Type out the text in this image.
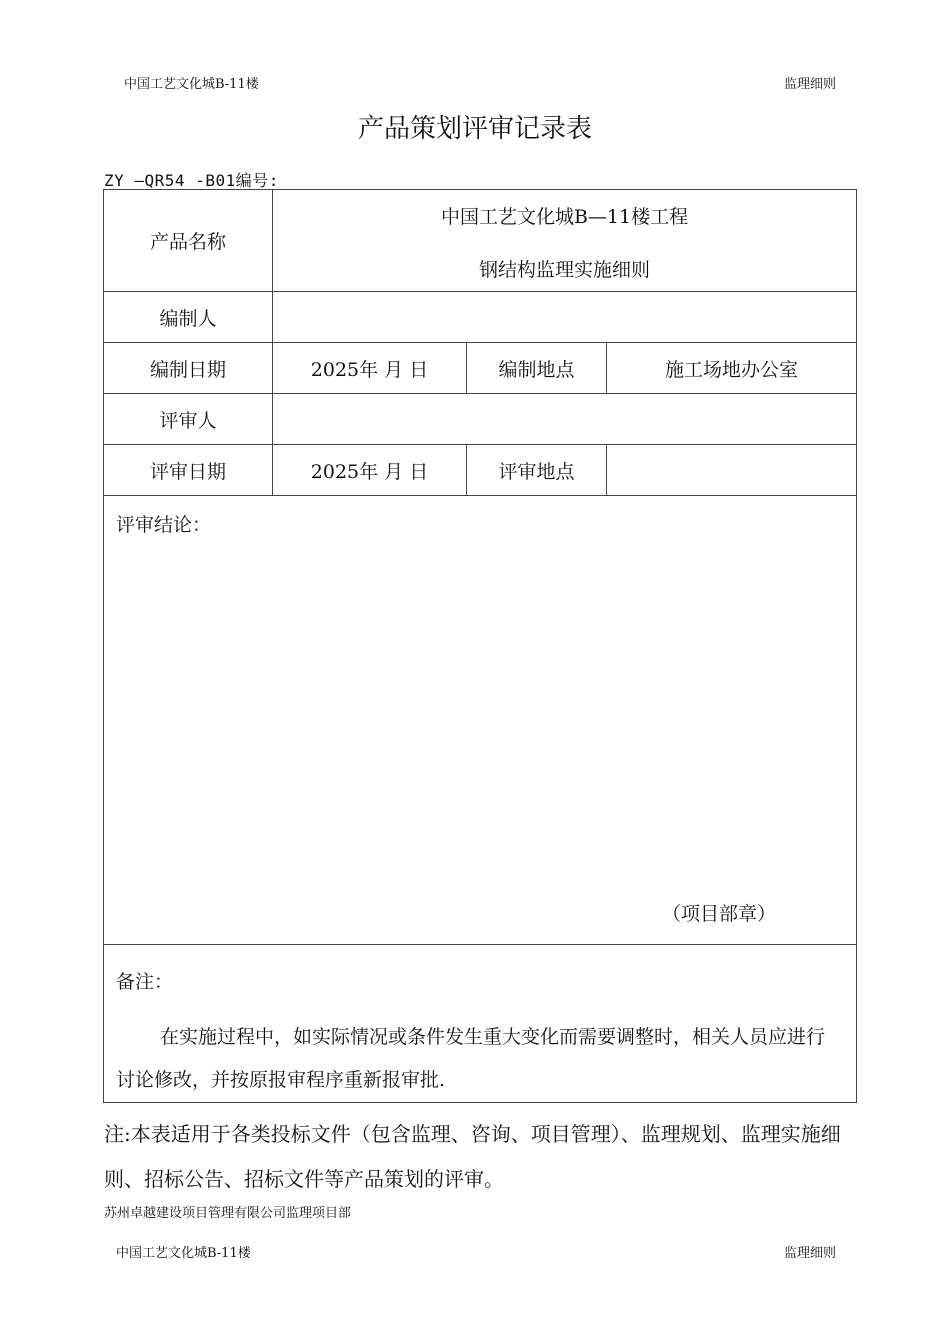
中国工艺文化城B-11楼	监理细则
产品策划评审记录表
ZY —QR54 -B01编号:
产品名称	中国工艺文化城B—11楼工程
钢结构监理实施细则		

编制人			
编制日期	2025年 月 日	编制地点	施工场地办公室
评审人			
评审日期	2025年 月 日	评审地点	

评审结论：
（项目部章）			

备注：
在实施过程中，如实际情况或条件发生重大变化而需要调整时，相关人员应进行讨论修改，并按原报审程序重新报审批.			
注:本表适用于各类投标文件（包含监理、咨询、项目管理）、监理规划、监理实施细则、招标公告、招标文件等产品策划的评审。
苏州卓越建设项目管理有限公司监理项目部
中国工艺文化城B-11楼	监理细则
